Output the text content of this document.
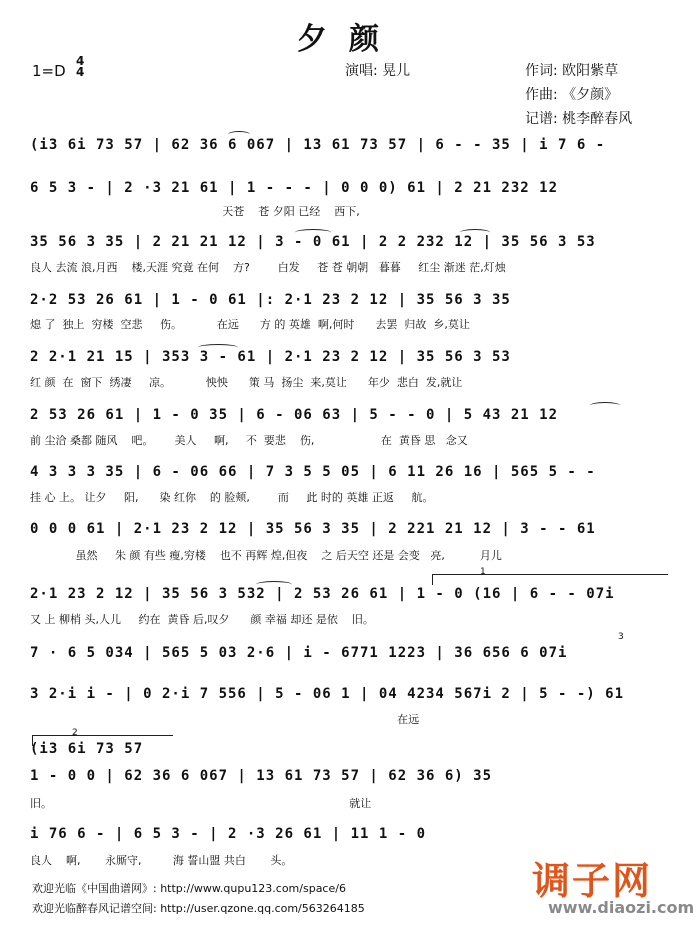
夕颜
1=D
4
4	演唱: 晃儿	作词: 欧阳紫草
作曲: 《夕颜》
记谱: 桃李醉春风
(i3 6i 73 57 | 62 36 6 067 | 13 61 73 57 | 6 - - 35 | i 7 6 -
6 5 3 - | 2 ·3 21 61 | 1 - - - | 0 0 0) 61 | 2 21 232 12
天苍    苍 夕阳 已经    西下,
35 56 3 35 | 2 21 21 12 | 3 - 0 61 | 2 2 232 12 | 35 56 3 53
良人 去流 浪,月西    楼,天涯 究竟 在何    方?        白发     苍 苍 朝朝   暮暮     红尘 渐迷 茫,灯烛
2·2 53 26 61 | 1 - 0 61 |: 2·1 23 2 12 | 35 56 3 35
熄 了  独上  穷楼  空悲     伤。          在远      方 的 英雄  啊,何时      去罢  归故  乡,莫让
2 2·1 21 15 | 353 3 - 61 | 2·1 23 2 12 | 35 56 3 53
红 颜  在  窗下  绣凄     凉。          怏怏      策 马  扬尘  来,莫让      年少  悲白  发,就让
2 53 26 61 | 1 - 0 35 | 6 - 06 63 | 5 - - 0 | 5 43 21 12
前 尘洽 桑都 随风    吧。      美人     啊,     不  要悲    伤,                   在  黄昏 思   念又
4 3 3 3 35 | 6 - 06 66 | 7 3 5 5 05 | 6 11 26 16 | 565 5 - -
挂 心 上。 让夕     阳,      染 红你    的 脸颊,        而     此 时的 英雄 正返     航。
0 0 0 61 | 2·1 23 2 12 | 35 56 3 35 | 2 221 21 12 | 3 - - 61
虽然     朱 颜 有些 瘦,穷楼    也不 再辉 煌,但夜    之 后天空 还是 会变   亮,          月儿
1
2·1 23 2 12 | 35 56 3 532 | 2 53 26 61 | 1 - 0 (16 | 6 - - 07i
又 上 柳梢 头,人儿     约在  黄昏 后,叹夕      颜 幸福 却还 是依    旧。
7 · 6 5 034 | 565 5 03 2·6 | i - 6771 1223 | 36 656 6 07i
3
3 2·i i - | 0 2·i 7 556 | 5 - 06 1 | 04 4234 567i 2 | 5 - -) 61
在远
2
(i3 6i 73 57
1 - 0 0 | 62 36 6 067 | 13 61 73 57 | 62 36 6) 35
旧。                                                                                     就让
i 76 6 - | 6 5 3 - | 2 ·3 26 61 | 11 1 - 0
良人    啊,       永厮守,         海 誓山盟 共白       头。
欢迎光临《中国曲谱网》: http://www.qupu123.com/space/6
欢迎光临醉春风记谱空间: http://user.qzone.qq.com/563264185
调子网
www.diaozi.com
